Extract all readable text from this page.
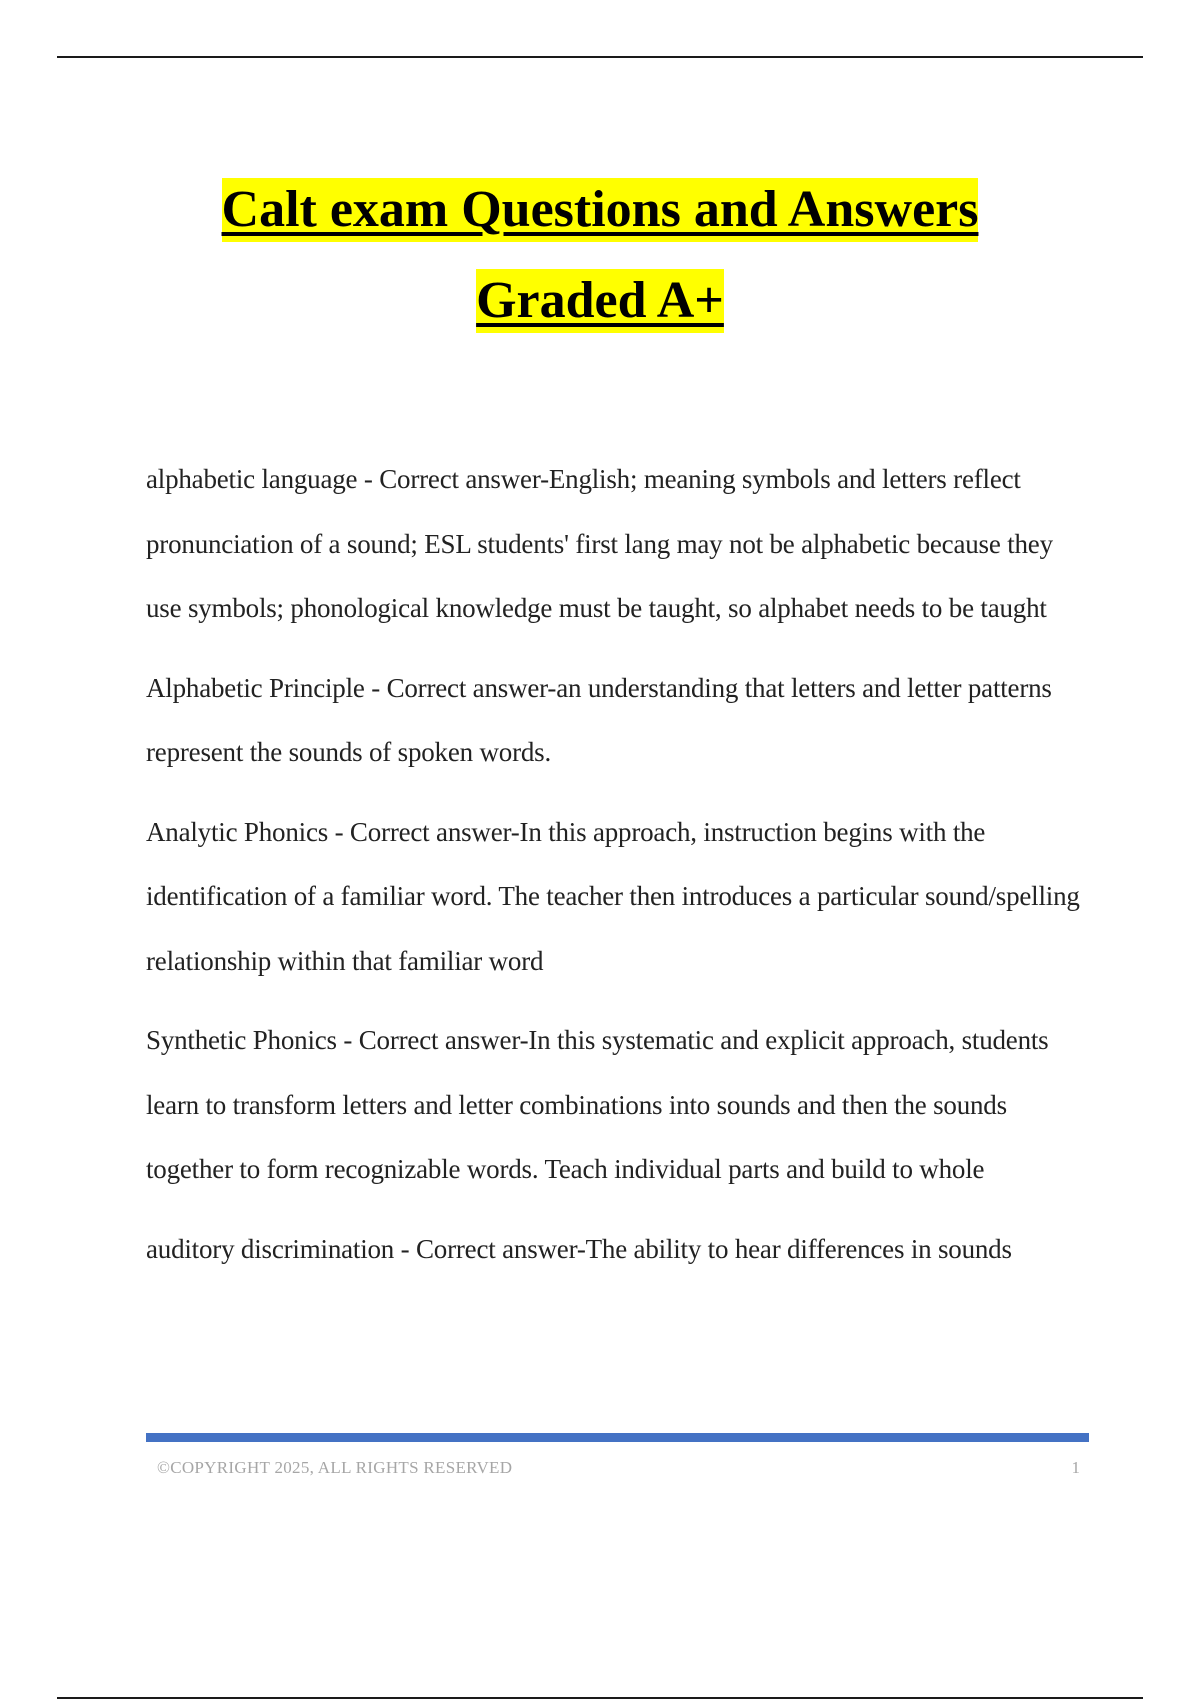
Calt exam Questions and Answers
Graded A+

alphabetic language - Correct answer-English; meaning symbols and letters reflect pronunciation of a sound; ESL students' first lang may not be alphabetic because they use symbols; phonological knowledge must be taught, so alphabet needs to be taught

Alphabetic Principle - Correct answer-an understanding that letters and letter patterns represent the sounds of spoken words.

Analytic Phonics - Correct answer-In this approach, instruction begins with the identification of a familiar word. The teacher then introduces a particular sound/spelling relationship within that familiar word

Synthetic Phonics - Correct answer-In this systematic and explicit approach, students learn to transform letters and letter combinations into sounds and then the sounds together to form recognizable words. Teach individual parts and build to whole

auditory discrimination - Correct answer-The ability to hear differences in sounds

©COPYRIGHT 2025, ALL RIGHTS RESERVED	1
